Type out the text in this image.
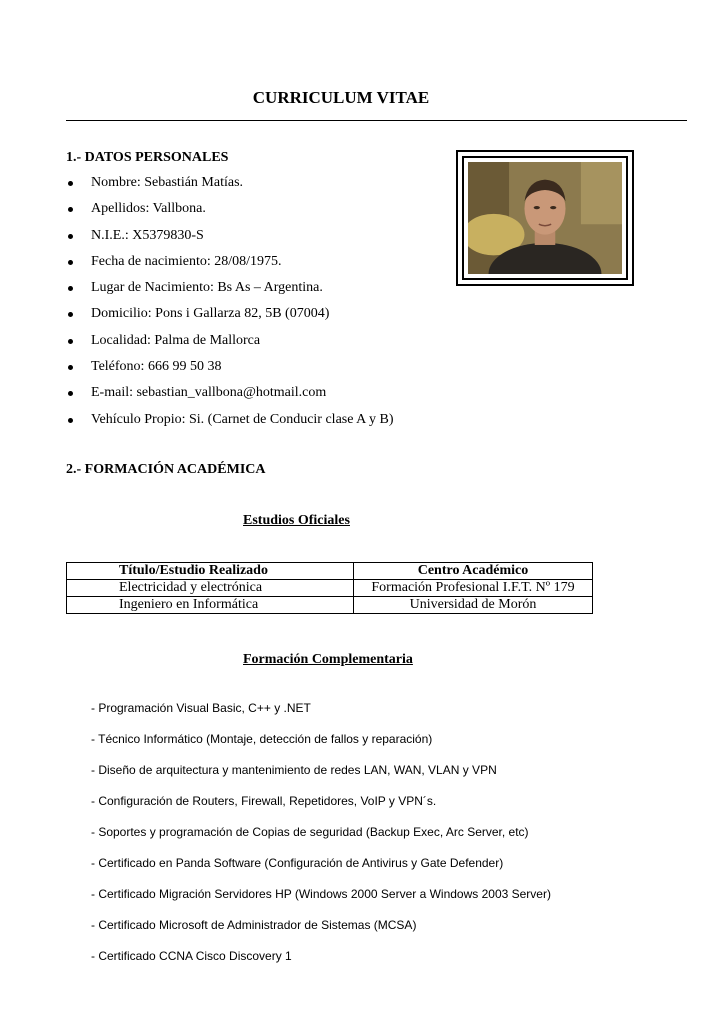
CURRICULUM VITAE
1.- DATOS PERSONALES
Nombre: Sebastián Matías.
Apellidos: Vallbona.
N.I.E.: X5379830-S
Fecha de nacimiento: 28/08/1975.
Lugar de Nacimiento: Bs As – Argentina.
Domicilio: Pons i Gallarza 82, 5B (07004)
Localidad: Palma de Mallorca
Teléfono: 666 99 50 38
E-mail: sebastian_vallbona@hotmail.com
Vehículo Propio: Si. (Carnet de Conducir clase A y B)
2.- FORMACIÓN ACADÉMICA
Estudios Oficiales
Título/Estudio Realizado	Centro Académico
Electricidad y electrónica	Formación Profesional I.F.T. Nº 179
Ingeniero en Informática	Universidad de Morón
Formación Complementaria
- Programación Visual Basic, C++ y .NET
- Técnico Informático (Montaje, detección de fallos y reparación)
- Diseño de arquitectura y mantenimiento de redes LAN, WAN, VLAN y VPN
- Configuración de Routers, Firewall, Repetidores, VoIP y VPN´s.
- Soportes y programación de Copias de seguridad (Backup Exec, Arc Server, etc)
- Certificado en Panda Software (Configuración de Antivirus y Gate Defender)
- Certificado Migración Servidores HP (Windows 2000 Server a Windows 2003 Server)
- Certificado Microsoft de Administrador de Sistemas (MCSA)
- Certificado CCNA Cisco Discovery 1
